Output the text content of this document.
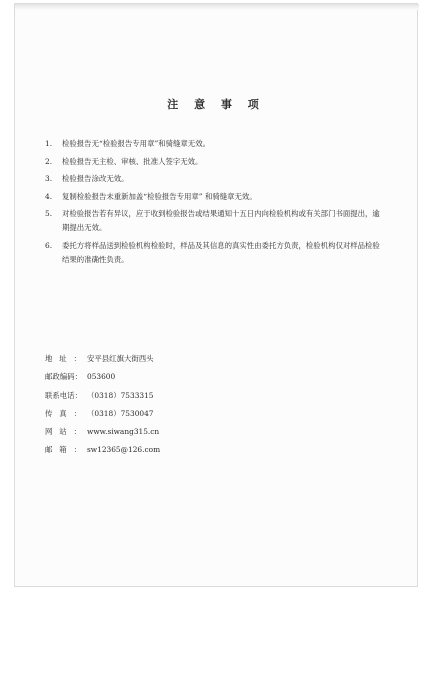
注 意 事 项
1. 检验报告无“检验报告专用章”和骑缝章无效。
2. 检验报告无主检、审核、批准人签字无效。
3. 检验报告涂改无效。
4. 复制检验报告未重新加盖“检验报告专用章” 和骑缝章无效。
5. 对检验报告若有异议，应于收到检验报告或结果通知十五日内向检验机构或有关部门书面提出，逾期提出无效。
6. 委托方将样品送到检验机构检验时，样品及其信息的真实性由委托方负责，检验机构仅对样品检验结果的准确性负责。
地址： 安平县红旗大街西头
邮政编码： 053600
联系电话： （0318）7533315
传真： （0318）7530047
网站： www.siwang315.cn
邮箱： sw12365@126.com
